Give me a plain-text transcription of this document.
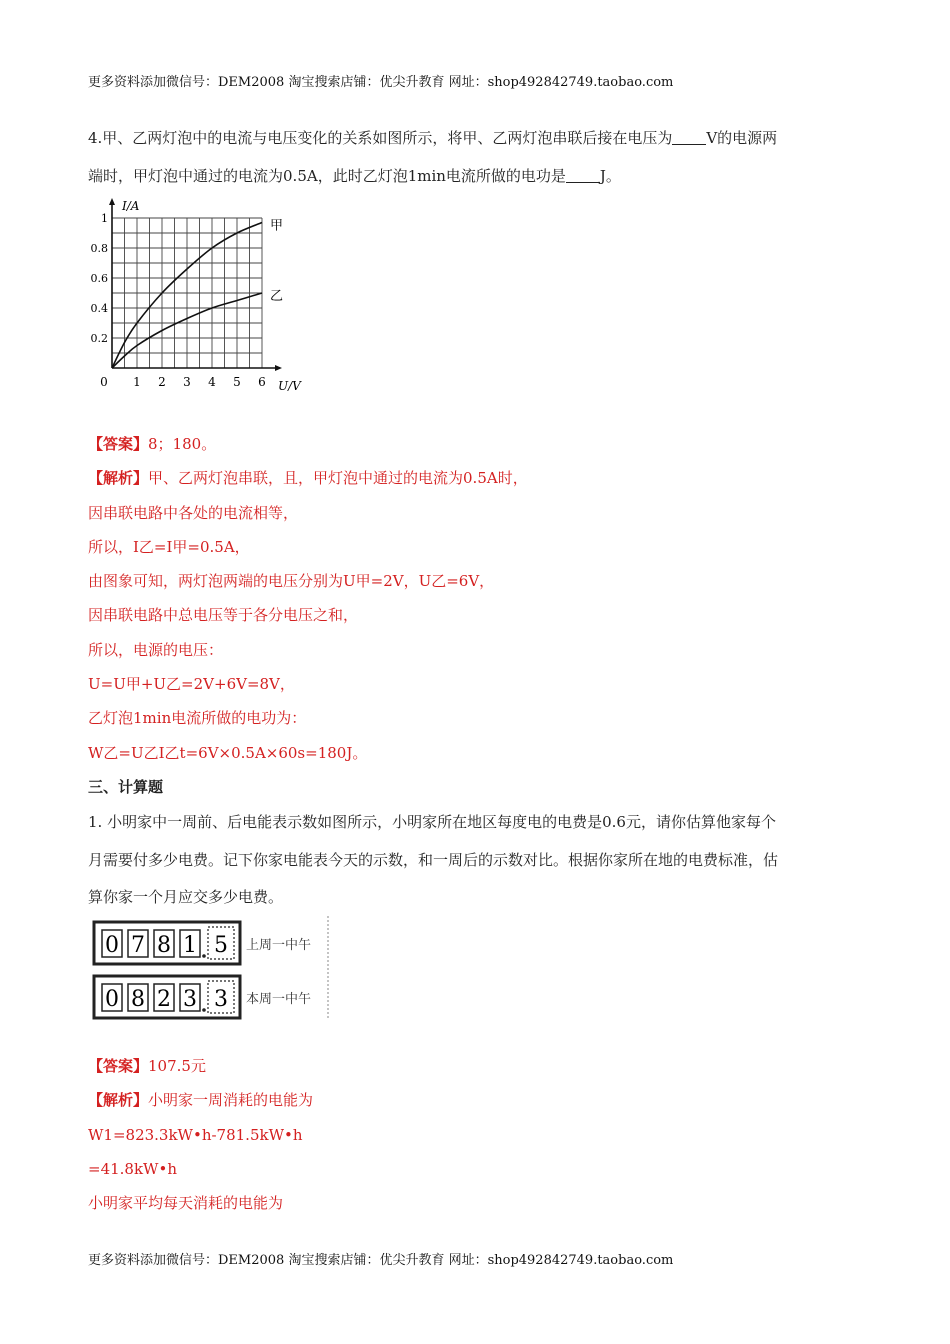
更多资料添加微信号：DEM2008 淘宝搜索店铺：优尖升教育 网址：shop492842749.taobao.com
4.甲、乙两灯泡中的电流与电压变化的关系如图所示，将甲、乙两灯泡串联后接在电压为 V的电源两
端时，甲灯泡中通过的电流为0.5A，此时乙灯泡1min电流所做的电功是 J。
0 1 2 3 4 5 6
0.2
0.4
0.6
0.8
1	甲
乙
I/A
U/V
【答案】8；180。
【解析】甲、乙两灯泡串联，且，甲灯泡中通过的电流为0.5A时，
因串联电路中各处的电流相等，
所以，I乙=I甲=0.5A，
由图象可知，两灯泡两端的电压分别为U甲=2V，U乙=6V，
因串联电路中总电压等于各分电压之和，
所以，电源的电压：
U=U甲+U乙=2V+6V=8V，
乙灯泡1min电流所做的电功为：
W乙=U乙I乙t=6V×0.5A×60s=180J。
三、计算题
1. 小明家中一周前、后电能表示数如图所示，小明家所在地区每度电的电费是0.6元，请你估算他家每个
月需要付多少电费。记下你家电能表今天的示数，和一周后的示数对比。根据你家所在地的电费标准，估
算你家一个月应交多少电费。
0 7 8 1 5 上周一中午
0 8 2 3 3 本周一中午
【答案】107.5元
【解析】小明家一周消耗的电能为
W1=823.3kW•h-781.5kW•h
=41.8kW•h
小明家平均每天消耗的电能为
更多资料添加微信号：DEM2008 淘宝搜索店铺：优尖升教育 网址：shop492842749.taobao.com
